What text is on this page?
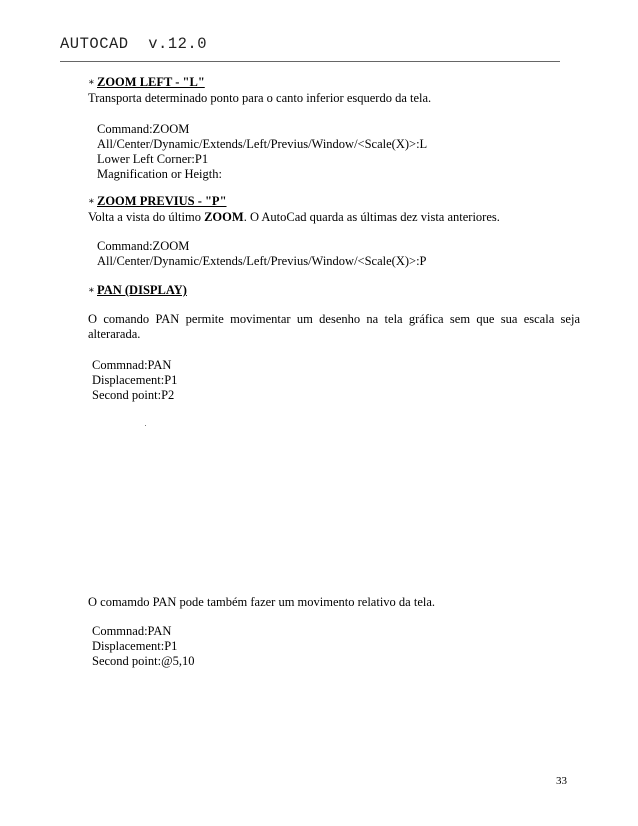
AUTOCAD  v.12.0
∗ ZOOM LEFT - "L"
Transporta determinado ponto para o canto inferior esquerdo da tela.
Command:ZOOM
All/Center/Dynamic/Extends/Left/Previus/Window/<Scale(X)>:L
Lower Left Corner:P1
Magnification or Heigth:
∗ ZOOM PREVIUS - "P"
Volta a vista do último ZOOM. O AutoCad quarda as últimas dez vista anteriores.
Command:ZOOM
All/Center/Dynamic/Extends/Left/Previus/Window/<Scale(X)>:P
∗ PAN (DISPLAY)
O comando PAN permite movimentar um desenho na tela gráfica sem que sua escala seja alterarada.
Commnad:PAN
Displacement:P1
Second point:P2
O comamdo PAN pode também fazer um movimento relativo da tela.
Commnad:PAN
Displacement:P1
Second point:@5,10
33
